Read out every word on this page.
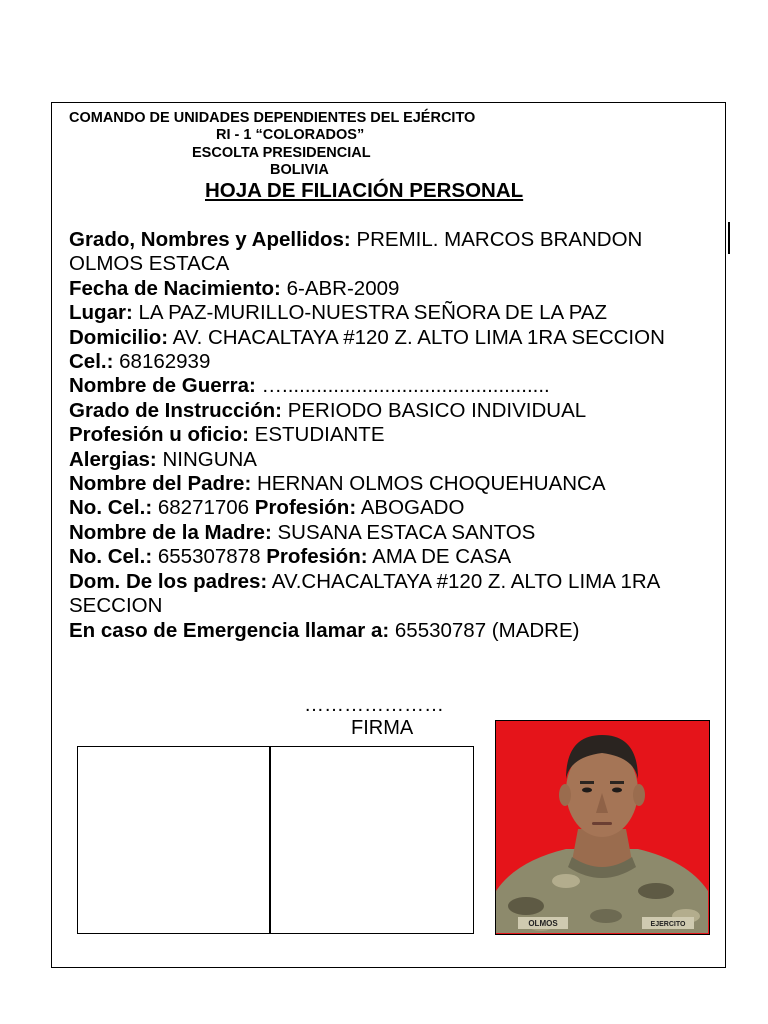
COMANDO DE UNIDADES DEPENDIENTES DEL EJÉRCITO
RI - 1 “COLORADOS”
ESCOLTA PRESIDENCIAL
BOLIVIA
HOJA DE FILIACIÓN PERSONAL

Grado, Nombres y Apellidos: PREMIL. MARCOS BRANDON OLMOS ESTACA

Fecha de Nacimiento: 6-ABR-2009

Lugar: LA PAZ-MURILLO-NUESTRA SEÑORA DE LA PAZ

Domicilio: AV. CHACALTAYA #120 Z. ALTO LIMA 1RA SECCION   Cel.: 68162939

Nombre de Guerra: …...............................................

Grado de Instrucción: PERIODO BASICO INDIVIDUAL

Profesión u oficio: ESTUDIANTE

Alergias: NINGUNA

Nombre del Padre: HERNAN OLMOS CHOQUEHUANCA

No. Cel.: 68271706 Profesión: ABOGADO

Nombre de la Madre: SUSANA ESTACA SANTOS

No. Cel.: 655307878 Profesión: AMA DE CASA

Dom. De los padres: AV.CHACALTAYA #120 Z. ALTO LIMA 1RA SECCION

En caso de Emergencia llamar a: 65530787 (MADRE)

…………………
FIRMA
OLMOS	EJERCITO
